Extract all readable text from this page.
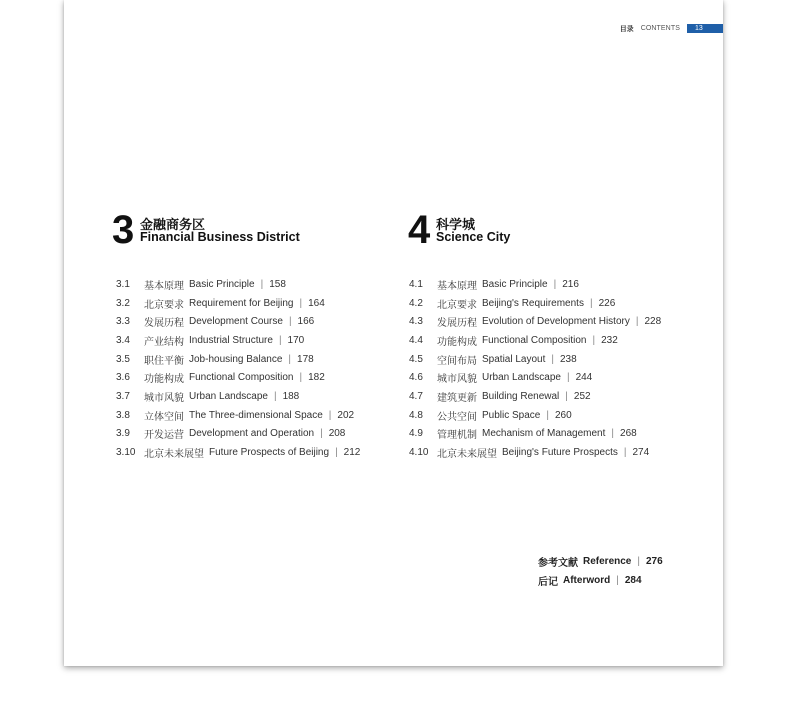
目录 CONTENTS	13
3 金融商务区
Financial Business District
3.1	基本原理 Basic Principle | 158
3.2	北京要求 Requirement for Beijing | 164
3.3	发展历程 Development Course | 166
3.4	产业结构 Industrial Structure | 170
3.5	职住平衡 Job-housing Balance | 178
3.6	功能构成 Functional Composition | 182
3.7	城市风貌 Urban Landscape | 188
3.8	立体空间 The Three-dimensional Space | 202
3.9	开发运营 Development and Operation | 208
3.10 北京未来展望 Future Prospects of Beijing | 212
4 科学城
Science City
4.1	基本原理 Basic Principle | 216
4.2	北京要求 Beijing's Requirements | 226
4.3	发展历程 Evolution of Development History | 228
4.4	功能构成 Functional Composition | 232
4.5	空间布局 Spatial Layout | 238
4.6	城市风貌 Urban Landscape | 244
4.7	建筑更新 Building Renewal | 252
4.8	公共空间 Public Space | 260
4.9	管理机制 Mechanism of Management | 268
4.10 北京未来展望 Beijing's Future Prospects | 274
参考文献 Reference | 276
后记 Afterword | 284
